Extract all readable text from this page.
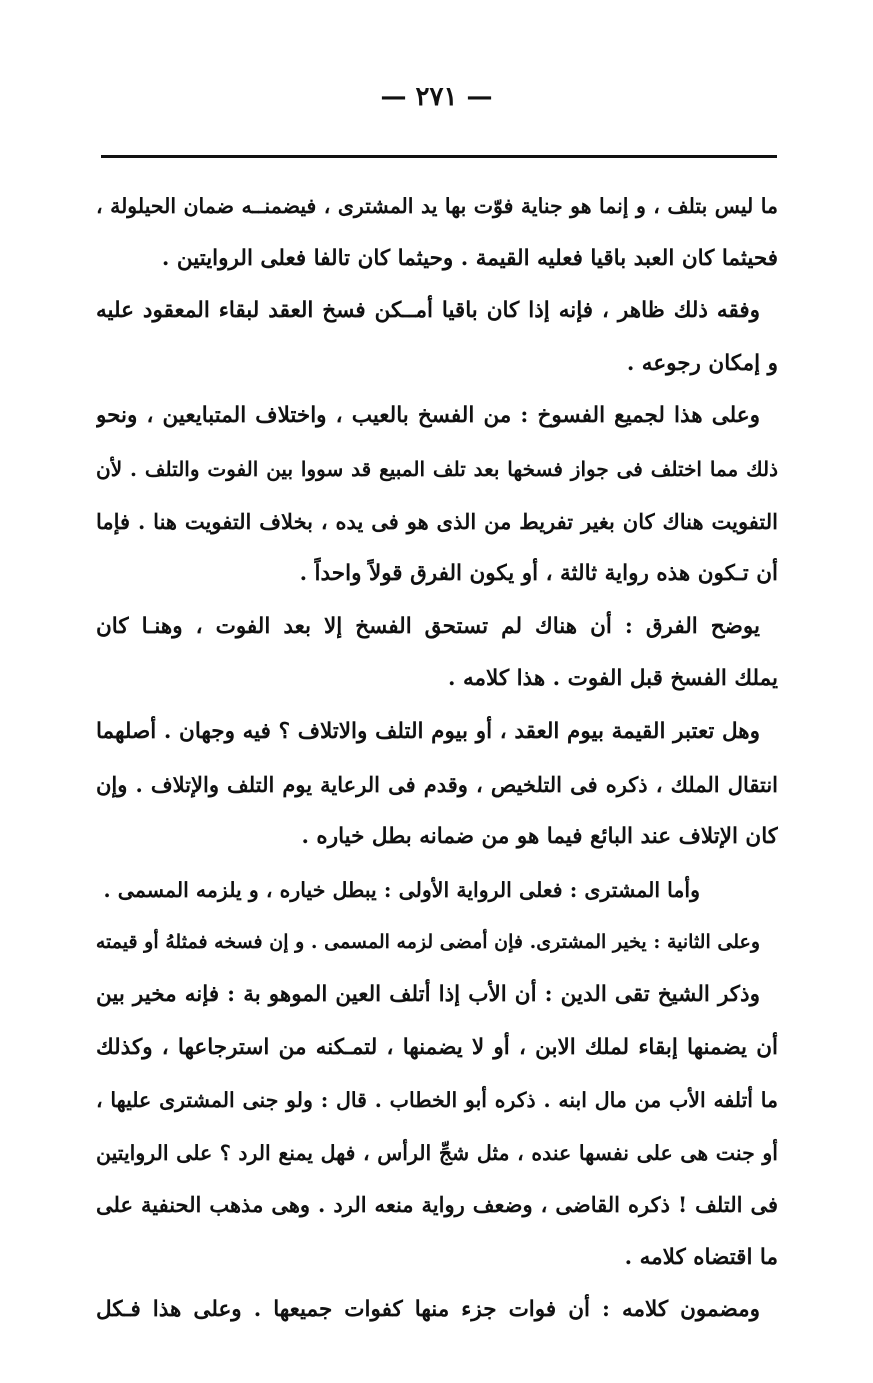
— ٢٧١ —
ما ليس بتلف ، و إنما هو جناية فوّت بها يد المشترى ، فيضمنــه ضمان الحيلولة ،
فحيثما كان العبد باقيا فعليه القيمة . وحيثما كان تالفا فعلى الروايتين .
وفقه ذلك ظاهر ، فإنه إذا كان باقيا أمــكن فسخ العقد لبقاء المعقود عليه
و إمكان رجوعه .
وعلى هذا لجميع الفسوخ : من الفسخ بالعيب ، واختلاف المتبايعين ، ونحو
ذلك مما اختلف فى جواز فسخها بعد تلف المبيع قد سووا بين الفوت والتلف . لأن
التفويت هناك كان بغير تفريط من الذى هو فى يده ، بخلاف التفويت هنا . فإما
أن تـكون هذه رواية ثالثة ، أو يكون الفرق قولاً واحداً .
يوضح الفرق : أن هناك لم تستحق الفسخ إلا بعد الفوت ، وهنـا كان
يملك الفسخ قبل الفوت . هذا كلامه .
وهل تعتبر القيمة بيوم العقد ، أو بيوم التلف والاتلاف ؟ فيه وجهان . أصلهما
انتقال الملك ، ذكره فى التلخيص ، وقدم فى الرعاية يوم التلف والإتلاف . وإن
كان الإتلاف عند البائع فيما هو من ضمانه بطل خياره .
وأما المشترى : فعلى الرواية الأولى : يبطل خياره ، و يلزمه المسمى .
وعلى الثانية : يخير المشترى. فإن أمضى لزمه المسمى . و إن فسخه فمثلهُ أو قيمته
وذكر الشيخ تقى الدين : أن الأب إذا أتلف العين الموهو بة : فإنه مخير بين
أن يضمنها إبقاء لملك الابن ، أو لا يضمنها ، لتمـكنه من استرجاعها ، وكذلك
ما أتلفه الأب من مال ابنه . ذكره أبو الخطاب . قال : ولو جنى المشترى عليها ،
أو جنت هى على نفسها عنده ، مثل شجِّ الرأس ، فهل يمنع الرد ؟ على الروايتين
فى التلف ! ذكره القاضى ، وضعف رواية منعه الرد . وهى مذهب الحنفية على
ما اقتضاه كلامه .
ومضمون كلامه : أن فوات جزء منها كفوات جميعها . وعلى هذا فـكل
